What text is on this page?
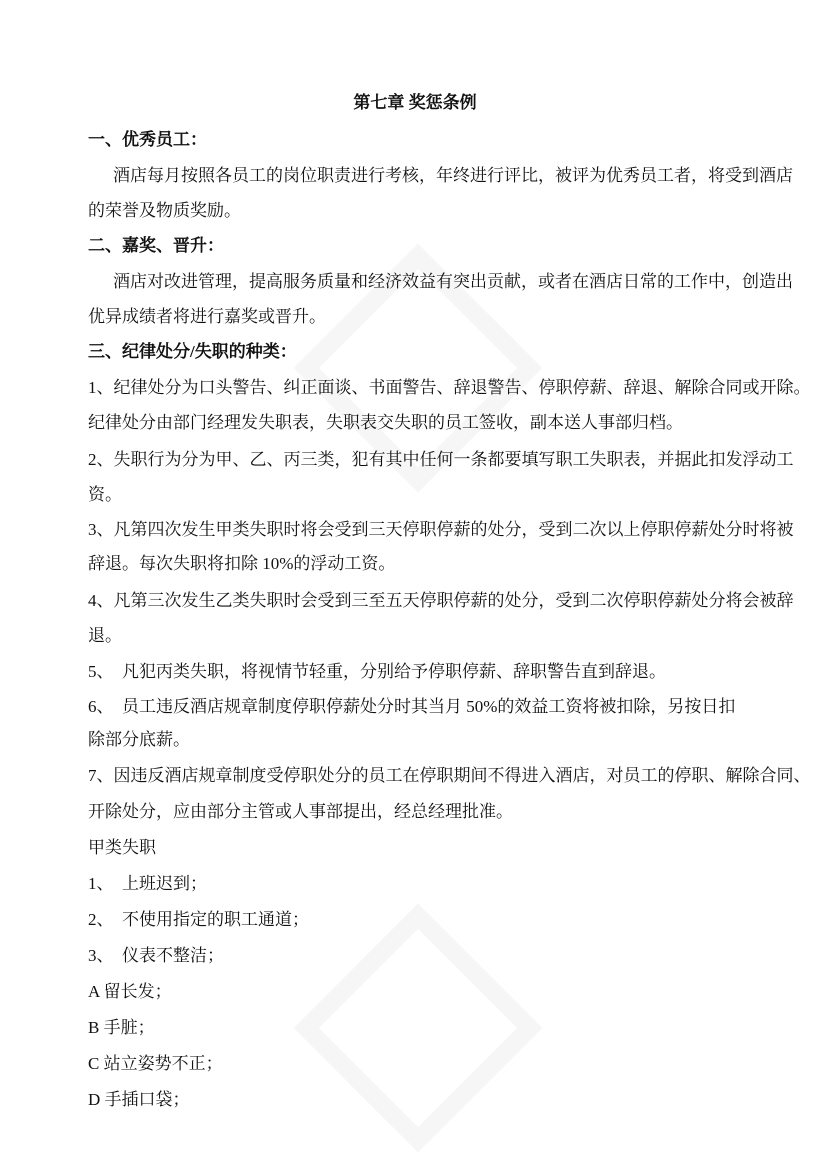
第七章 奖惩条例
一、优秀员工：
酒店每月按照各员工的岗位职责进行考核，年终进行评比，被评为优秀员工者，将受到酒店
的荣誉及物质奖励。
二、嘉奖、晋升：
酒店对改进管理，提高服务质量和经济效益有突出贡献，或者在酒店日常的工作中，创造出
优异成绩者将进行嘉奖或晋升。
三、纪律处分/失职的种类：
1、纪律处分为口头警告、纠正面谈、书面警告、辞退警告、停职停薪、辞退、解除合同或开除。
纪律处分由部门经理发失职表，失职表交失职的员工签收，副本送人事部归档。
2、失职行为分为甲、乙、丙三类，犯有其中任何一条都要填写职工失职表，并据此扣发浮动工
资。
3、凡第四次发生甲类失职时将会受到三天停职停薪的处分，受到二次以上停职停薪处分时将被
辞退。每次失职将扣除 10%的浮动工资。
4、凡第三次发生乙类失职时会受到三至五天停职停薪的处分，受到二次停职停薪处分将会被辞
退。
5、　凡犯丙类失职，将视情节轻重，分别给予停职停薪、辞职警告直到辞退。
6、　员工违反酒店规章制度停职停薪处分时其当月 50%的效益工资将被扣除，另按日扣
除部分底薪。
7、因违反酒店规章制度受停职处分的员工在停职期间不得进入酒店，对员工的停职、解除合同、
开除处分，应由部分主管或人事部提出，经总经理批准。
甲类失职
1、　上班迟到；
2、　不使用指定的职工通道；
3、　仪表不整洁；
A 留长发；
B 手脏；
C 站立姿势不正；
D 手插口袋；
